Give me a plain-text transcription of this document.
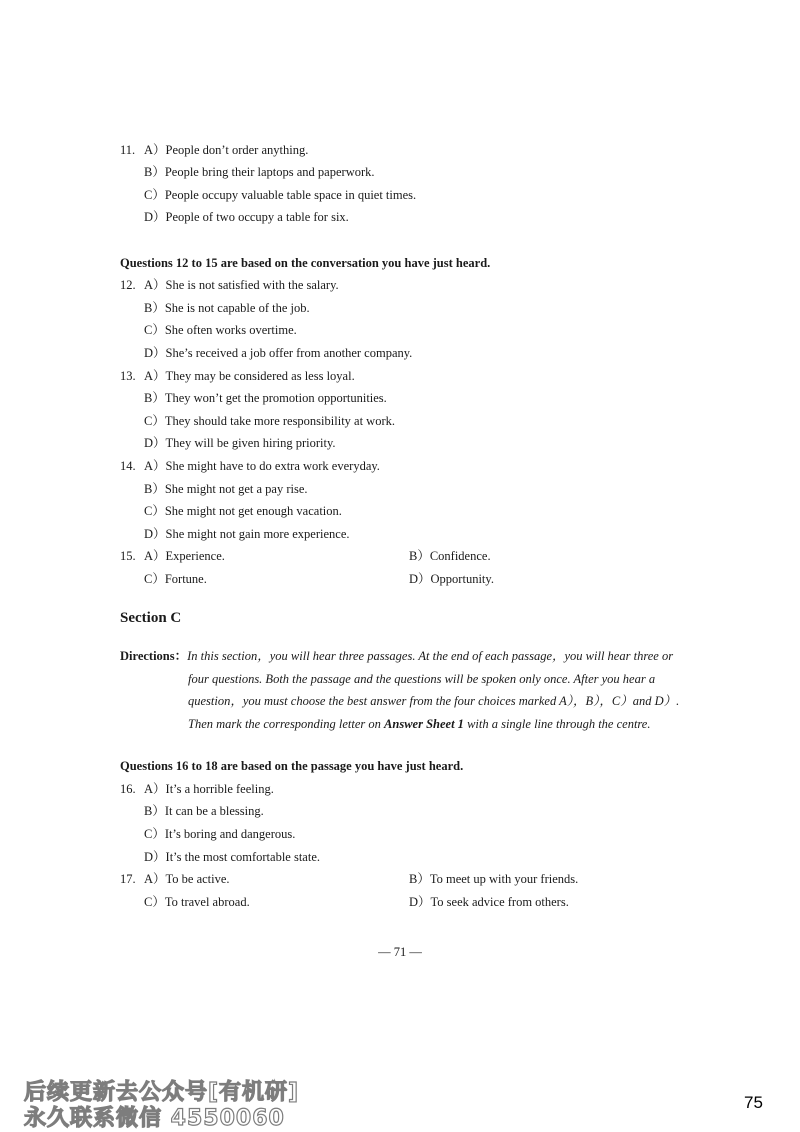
11. A）People don’t order anything.
B）People bring their laptops and paperwork.
C）People occupy valuable table space in quiet times.
D）People of two occupy a table for six.
Questions 12 to 15 are based on the conversation you have just heard.
12. A）She is not satisfied with the salary.
B）She is not capable of the job.
C）She often works overtime.
D）She’s received a job offer from another company.
13. A）They may be considered as less loyal.
B）They won’t get the promotion opportunities.
C）They should take more responsibility at work.
D）They will be given hiring priority.
14. A）She might have to do extra work everyday.
B）She might not get a pay rise.
C）She might not get enough vacation.
D）She might not gain more experience.
15. A）Experience.	B）Confidence.
C）Fortune.	D）Opportunity.
Section C
Directions：In this section，you will hear three passages. At the end of each passage，you will hear three or
four questions. Both the passage and the questions will be spoken only once. After you hear a
question，you must choose the best answer from the four choices marked A），B），C）and D）.
Then mark the corresponding letter on Answer Sheet 1 with a single line through the centre.
Questions 16 to 18 are based on the passage you have just heard.
16. A）It’s a horrible feeling.
B）It can be a blessing.
C）It’s boring and dangerous.
D）It’s the most comfortable state.
17. A）To be active.	B）To meet up with your friends.
C）To travel abroad.	D）To seek advice from others.
— 71 —
后续更新去公众号[有机研]
永久联系微信 4550060
75
